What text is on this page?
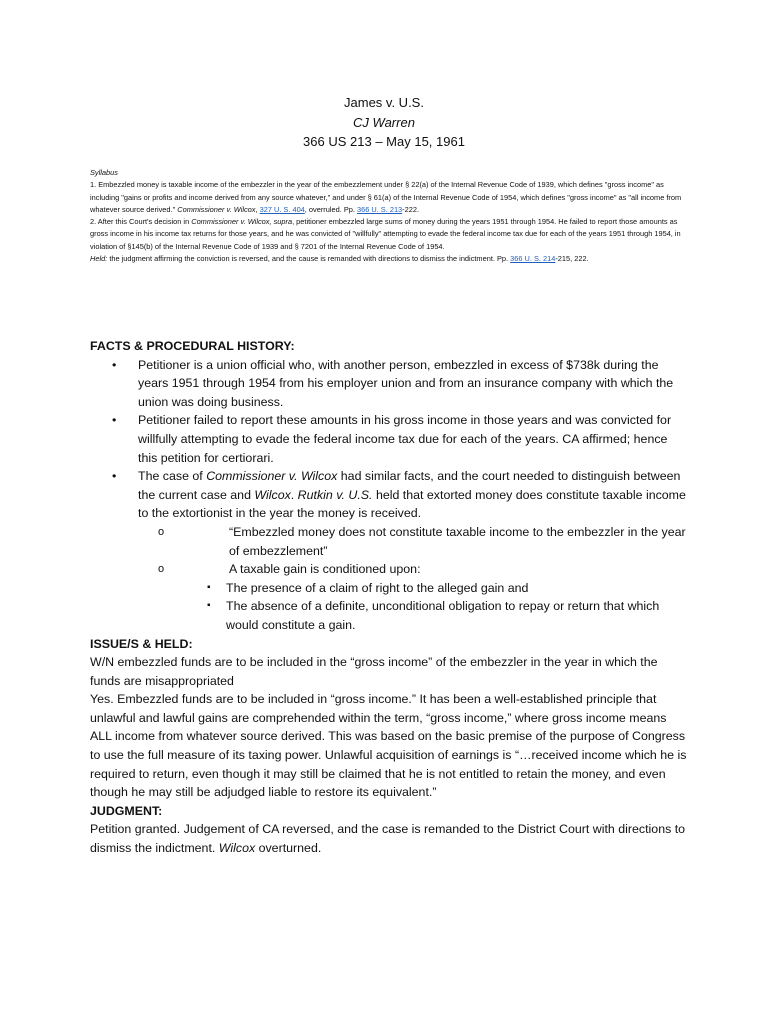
James v. U.S.
CJ Warren
366 US 213 – May 15, 1961

Syllabus

1. Embezzled money is taxable income of the embezzler in the year of the embezzlement under § 22(a) of the Internal Revenue Code of 1939, which defines "gross income" as including "gains or profits and income derived from any source whatever," and under § 61(a) of the Internal Revenue Code of 1954, which defines "gross income" as "all income from whatever source derived." Commissioner v. Wilcox, 327 U. S. 404, overruled. Pp. 366 U. S. 213-222.

2. After this Court's decision in Commissioner v. Wilcox, supra, petitioner embezzled large sums of money during the years 1951 through 1954. He failed to report those amounts as gross income in his income tax returns for those years, and he was convicted of "willfully" attempting to evade the federal income tax due for each of the years 1951 through 1954, in violation of §145(b) of the Internal Revenue Code of 1939 and § 7201 of the Internal Revenue Code of 1954.

Held: the judgment affirming the conviction is reversed, and the cause is remanded with directions to dismiss the indictment. Pp. 366 U. S. 214-215, 222.

FACTS & PROCEDURAL HISTORY:

• Petitioner is a union official who, with another person, embezzled in excess of $738k during the years 1951 through 1954 from his employer union and from an insurance company with which the union was doing business.
• Petitioner failed to report these amounts in his gross income in those years and was convicted for willfully attempting to evade the federal income tax due for each of the years. CA affirmed; hence this petition for certiorari.
• The case of Commissioner v. Wilcox had similar facts, and the court needed to distinguish between the current case and Wilcox. Rutkin v. U.S. held that extorted money does constitute taxable income to the extortionist in the year the money is received.
o “Embezzled money does not constitute taxable income to the embezzler in the year of embezzlement”
o A taxable gain is conditioned upon:
▪ The presence of a claim of right to the alleged gain and
▪ The absence of a definite, unconditional obligation to repay or return that which would constitute a gain.

ISSUE/S & HELD:

W/N embezzled funds are to be included in the “gross income” of the embezzler in the year in which the funds are misappropriated

Yes. Embezzled funds are to be included in “gross income.” It has been a well-established principle that unlawful and lawful gains are comprehended within the term, “gross income,” where gross income means ALL income from whatever source derived. This was based on the basic premise of the purpose of Congress to use the full measure of its taxing power. Unlawful acquisition of earnings is “…received income which he is required to return, even though it may still be claimed that he is not entitled to retain the money, and even though he may still be adjudged liable to restore its equivalent.”

JUDGMENT:

Petition granted. Judgement of CA reversed, and the case is remanded to the District Court with directions to dismiss the indictment. Wilcox overturned.
